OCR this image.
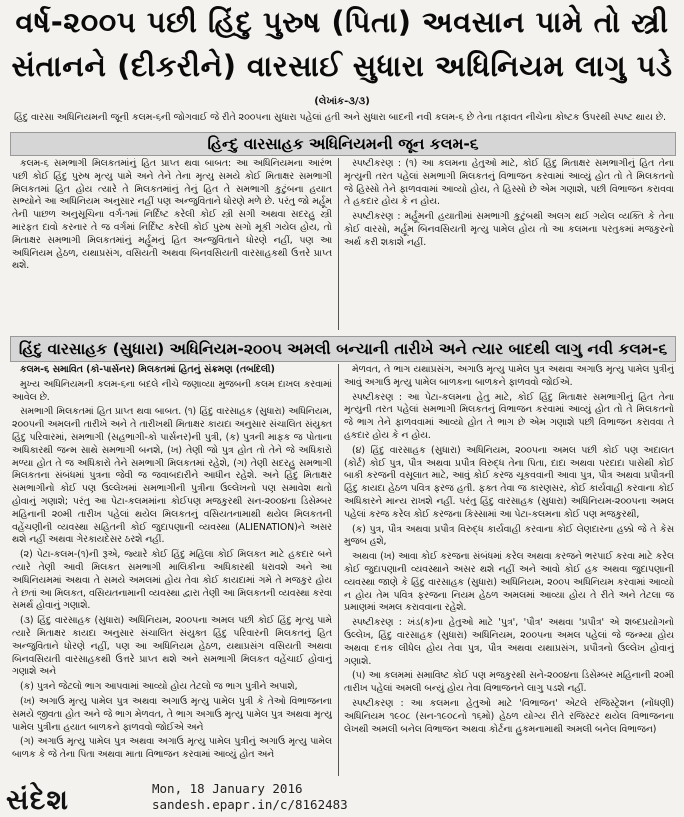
વર્ષ-૨૦૦૫ પછી હિંદુ પુરુષ (પિતા) અવસાન પામે તો સ્ત્રી
સંતાનને (દીકરીને) વારસાઈ સુધારા અધિનિયમ લાગુ પડે
(લેખાંક-૩/૩)
હિંદુ વારસા અધિનિયમની જૂની કલમ-૬ની જોગવાઈ જે રીતે ૨૦૦૫ના સુધારા પહેલાં હતી અને સુધારા બાદની નવી કલમ-૬ છે તેના તફાવત નીચેના કોષ્ટક ઉપરથી સ્પષ્ટ થાય છે.
હિન્દુ વારસાહક અધિનિયમની જૂન કલમ-૬

કલમ-૬ સમભાગી મિલકતમાંનું હિત પ્રાપ્ત થવા બાબત: આ અધિનિયમના આરંભ પછી કોઈ હિંદુ પુરુષ મૃત્યુ પામે અને તેને તેના મૃત્યુ સમયે કોઈ મિતાક્ષર સમભાગી મિલકતમાં હિત હોય ત્યારે તે મિલકતમાંનું તેનું હિત તે સમભાગી કુટુંબના હયાત સભ્યોને આ અધિનિયમ અનુસાર નહીં પણ અન્જુવિતાને ધોરણે મળે છે. પરંતુ જો મર્હૂમ તેની પાછળ અનુસૂચિના વર્ગ-૧માં નિર્દિષ્ટ કરેલી કોઈ સ્ત્રી સગી અથવા સદરહુ સ્ત્રી મારફત દાવો કરનાર તે જ વર્ગમાં નિર્દિષ્ટ કરેલી કોઈ પુરુષ સગો મૂકી ગયેલ હોય, તો મિતાક્ષર સમભાગી મિલકતમાંનું મર્હૂમનું હિત અન્જુવિતાને ધોરણે નહીં, પણ આ અધિનિયમ હેઠળ, યથાપ્રસંગ, વસિયતી અથવા બિનવસિયતી વારસાહકથી ઉત્તરે પ્રાપ્ત થશે.

સ્પષ્ટીકરણ : (૧) આ કલમના હેતુઓ માટે, કોઈ હિંદુ મિતાક્ષર સમભાગીનું હિત તેના મૃત્યુની તરત પહેલાં સમભાગી મિલકતનું વિભાજન કરવામાં આવ્યું હોત તો તે મિલકતનો જે હિસ્સો તેને ફાળવવામાં આવ્યો હોય, તે હિસ્સો છે એમ ગણાશે, પછી વિભાજન કરાવવા તે હકદાર હોય કે ન હોય.

સ્પષ્ટીકરણ : મર્હૂમની હયાતીમાં સમભાગી કુટુંબથી અલગ થઈ ગયેલ વ્યક્તિ કે તેના કોઈ વારસો, મર્હૂમ બિનવસિયતી મૃત્યુ પામેલ હોય તો આ કલમના પરતુકમાં મજકુરનો અર્થ કરી શકાશે નહીં.

હિંદુ વારસાહક (સુધારા) અધિનિયમ-૨૦૦૫ અમલી બન્યાની તારીખે અને ત્યાર બાદથી લાગુ નવી કલમ-૬

કલમ-૬ સમાવિત (કો-પાર્સનર) મિલકતમાં હિતનું સંક્રમણ (તબદિલી)

મુખ્ય અધિનિયમની કલમ-૬ના બદલે નીચે જણાવ્યા મુજબની કલમ દાખલ કરવામાં આવેલ છે.

સમભાગી મિલકતમાં હિત પ્રાપ્ત થવા બાબત. (૧) હિંદુ વારસાહક (સુધારા) અધિનિયમ, ૨૦૦૫ની અમલની તારીખે અને તે તારીખથી મિતાક્ષર કાયદા અનુસાર સંચાલિત સંયુક્ત હિંદુ પરિવારમાં, સમભાગી (સહભાગી-કો પાર્સનર)ની પુત્રી, (ક) પુત્રની માફક જ પોતાના અધિકારથી જન્મ સાથે સમભાગી બનશે, (ખ) તેણી જો પુત્ર હોત તો તેને જે અધિકારો મળ્યા હોત તે જ અધિકારો તેને સમભાગી મિલકતમાં રહેશે, (ગ) તેણી સદરહુ સમભાગી મિલકતના સંબંધમાં પુત્રના જેવી જ જવાબદારીને આધીન રહેશે. અને હિંદુ મિતાક્ષર સમભાગીનો કોઈ પણ ઉલ્લેખમાં સમભાગીની પુત્રીના ઉલ્લેખનો પણ સમાવેશ થતો હોવાનું ગણાશે; પરંતુ આ પેટા-કલમમાંના કોઈપણ મજકુરથી સન-૨૦૦૪ના ડિસેમ્બર મહિનાની ૨૦મી તારીખ પહેલાં થયેલ મિલકતનું વસિયતનામાથી થયેલ મિલકતની વહેંચણીની વ્યવસ્થા સહિતની કોઈ જુદાપણાની વ્યવસ્થા (ALIENATION)ને અસર થશે નહીં અથવા ગેરકાયદેસર ઠરશે નહીં.

(૨) પેટા-કલમ-(૧)ની રૂએ, જ્યારે કોઈ હિંદુ મહિલા કોઈ મિલકત માટે હકદાર બને ત્યારે તેણી આવી મિલકત સમભાગી માલિકીના અધિકારથી ધરાવશે અને આ અધિનિયમમાં અથવા તે સમયે અમલમાં હોય તેવા કોઈ કાયદામાં ગમે તે મજકુર હોય તે છતાં આ મિલકત, વસિયતનામાની વ્યવસ્થા દ્વારા તેણી આ મિલકતની વ્યવસ્થા કરવા સમર્થ હોવાનું ગણાશે.

(૩) હિંદુ વારસાહક (સુધારા) અધિનિયમ, ૨૦૦૫ના અમલ પછી કોઈ હિંદુ મૃત્યુ પામે ત્યારે મિતાક્ષર કાયદા અનુસાર સંચાલિત સંયુક્ત હિંદુ પરિવારની મિલકતનું હિત અન્જુવિતાને ધોરણે નહીં, પણ આ અધિનિયમ હેઠળ, યથાપ્રસંગ વસિયતી અથવા બિનવસિયતી વારસાહકથી ઉત્તરે પ્રાપ્ત થશે અને સમભાગી મિલકત વહેંચાઈ હોવાનું ગણાશે અને

(ક) પુત્રને જેટલો ભાગ આપવામાં આવ્યો હોય તેટલો જ ભાગ પુત્રીને અપાશે,

(ખ) અગાઉ મૃત્યુ પામેલ પુત્ર અથવા અગાઉ મૃત્યુ પામેલ પુત્રી કે તેઓ વિભાજનના સમયે જીવતા હોત અને જે ભાગ મેળવત, તે ભાગ અગાઉ મૃત્યુ પામેલ પુત્ર અથવા મૃત્યુ પામેલ પુત્રીના હયાત બાળકને ફાળવવો જોઈએ અને

(ગ) અગાઉ મૃત્યુ પામેલ પુત્ર અથવા અગાઉ મૃત્યુ પામેલ પુત્રીનું અગાઉ મૃત્યુ પામેલ બાળક કે જે તેના પિતા અથવા માતા વિભાજન કરવામાં આવ્યું હોત અને

મેળવત, તે ભાગ યથાપ્રસંગ, અગાઉ મૃત્યુ પામેલ પુત્ર અથવા અગાઉ મૃત્યુ પામેલ પુત્રીનું આવું અગાઉ મૃત્યુ પામેલ બાળકના બાળકને ફાળવવો જોઈએ.

સ્પષ્ટીકરણ : આ પેટા-કલમના હેતુ માટે, કોઈ હિંદુ મિતાક્ષર સમભાગીનું હિત તેના મૃત્યુની તરત પહેલાં સમભાગી મિલકતનું વિભાજન કરવામાં આવ્યું હોત તો તે મિલકતનો જે ભાગ તેને ફાળવવામાં આવ્યો હોત તે ભાગ છે એમ ગણાશે પછી વિભાજન કરાવવા તે હકદાર હોય કે ન હોય.

(૪) હિંદુ વારસાહક (સુધારા) અધિનિયમ, ૨૦૦૫ના અમલ પછી કોઈ પણ અદાલત (કોર્ટ) કોઈ પુત્ર, પૌત્ર અથવા પ્રપૌત્ર વિરુદ્ધ તેના પિતા, દાદા અથવા પરદાદા પાસેથી કોઈ બાકી કરજની વસૂલાત માટે, આવું કોઈ કરજ ચૂકવવાની આવા પુત્ર, પૌત્ર અથવા પ્રપૌત્રની હિંદુ કાયદા હેઠળ પવિત્ર ફરજ હતી. ફક્ત તેવા જ કારણસર, કોઈ કાર્યવાહી કરવાના કોઈ અધિકારને માન્ય રાખશે નહીં. પરંતુ હિંદુ વારસાહક (સુધારા) અધિનિયમ-૨૦૦૫ના અમલ પહેલાં કરજ કરેલ કોઈ કરજના કિસ્સામાં આ પેટા-કલમના કોઈ પણ મજકુરથી,

(ક) પુત્ર, પૌત્ર અથવા પ્રપૌત્ર વિરુદ્ધ કાર્યવાહી કરવાના કોઈ લેણદારના હક્કો જે તે કેસ મુજબ હશે,

અથવા (ખ) આવા કોઈ કરજના સંબંધમાં કરેલ અથવા કરજને ભરપાઈ કરવા માટે કરેલ કોઈ જુદાપણાની વ્યવસ્થાને અસર થશે નહીં અને આવો કોઈ હક અથવા જુદાપણાની વ્યવસ્થા જાણે કે હિંદુ વારસાહક (સુધારા) અધિનિયમ, ૨૦૦૫ અધિનિયમ કરવામાં આવ્યો ન હોય તેમ પવિત્ર ફરજના નિયમ હેઠળ અમલમાં આવ્યા હોય તે રીતે અને તેટલા જ પ્રમાણમાં અમલ કરાવવાના રહેશે.

સ્પષ્ટીકરણ : ખંડ(ક)ના હેતુઓ માટે 'પુત્ર', 'પૌત્ર' અથવા 'પ્રપૌત્ર' એ શબ્દપ્રયોગનો ઉલ્લેખ, હિંદુ વારસાહક (સુધારા) અધિનિયમ, ૨૦૦૫ના અમલ પહેલાં જે જન્મ્યા હોય અથવા દત્તક લીધેલ હોય તેવા પુત્ર, પૌત્ર અથવા યથાપ્રસંગ, પ્રપૌત્રનો ઉલ્લેખ હોવાનું ગણાશે.

(૫) આ કલમમાં સમાવિષ્ટ કોઈ પણ મજકુરથી સને-૨૦૦૪ના ડિસેમ્બર મહિનાની ૨૦મી તારીખ પહેલાં અમલી બન્યું હોય તેવા વિભાજનને લાગુ પડશે નહીં.

સ્પષ્ટીકરણ : આ કલમના હેતુઓ માટે 'વિભાજન' એટલે રજિસ્ટ્રેશન (નોંધણી) અધિનિયમ ૧૯૦૮ (સન-૧૯૦૮નો ૧૬મો) હેઠળ યોગ્ય રીતે રજિસ્ટર થયેલ વિભાજનના લેખથી અમલી બનેલ વિભાજન અથવા કોર્ટના હુકમનામાથી અમલી બનેલ વિભાજન)

સંદેશ	Mon, 18 January 2016
sandesh.epapr.in/c/8162483
